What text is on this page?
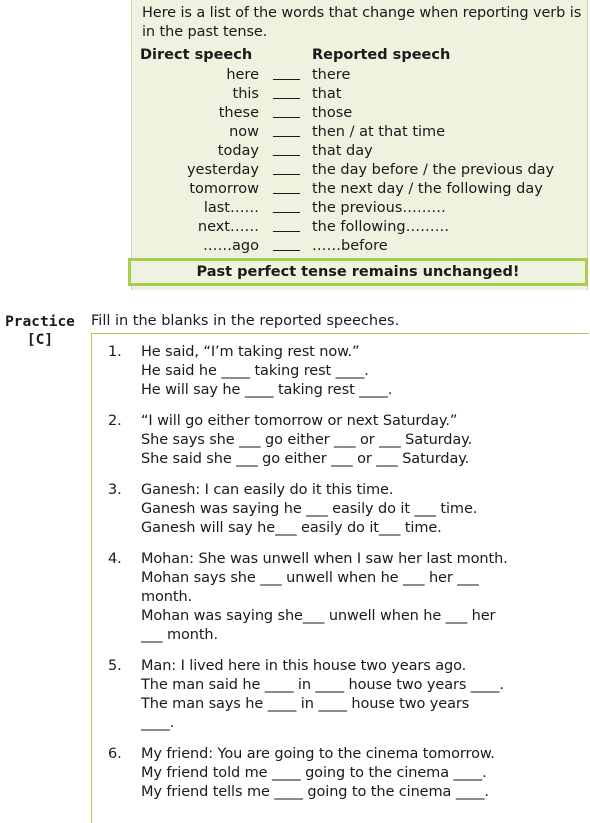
Here is a list of the words that change when reporting verb is in the past tense.
Direct speech	Reported speech
here	there
this	that
these	those
now	then / at that time
today	that day
yesterday	the day before / the previous day
tomorrow	the next day / the following day
last……	the previous………
next……	the following………
……ago	……before
Past perfect tense remains unchanged!
Practice
[C]
Fill in the blanks in the reported speeches.
1.	He said, “I’m taking rest now.”
He said he ____ taking rest ____.
He will say he ____ taking rest ____.
2.	“I will go either tomorrow or next Saturday.”
She says she ___ go either ___ or ___ Saturday.
She said she ___ go either ___ or ___ Saturday.
3.	Ganesh: I can easily do it this time.
Ganesh was saying he ___ easily do it ___ time.
Ganesh will say he___ easily do it___ time.
4.	Mohan: She was unwell when I saw her last month.
Mohan says she ___ unwell when he ___ her ___
month.
Mohan was saying she___ unwell when he ___ her
___ month.
5.	Man: I lived here in this house two years ago.
The man said he ____ in ____ house two years ____.
The man says he ____ in ____ house two years
____.
6.	My friend: You are going to the cinema tomorrow.
My friend told me ____ going to the cinema ____.
My friend tells me ____ going to the cinema ____.
